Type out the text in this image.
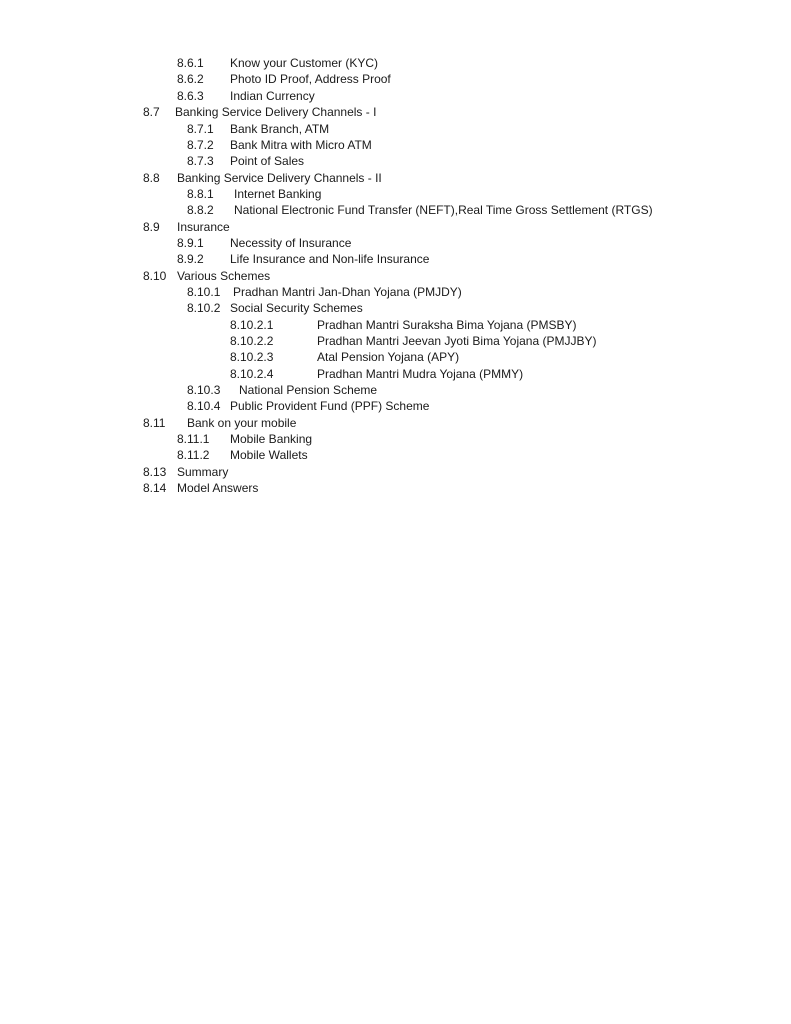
8.6.1 Know your Customer (KYC)
8.6.2 Photo ID Proof, Address Proof
8.6.3 Indian Currency
8.7 Banking Service Delivery Channels - I
8.7.1 Bank Branch, ATM
8.7.2 Bank Mitra with Micro ATM
8.7.3 Point of Sales
8.8 Banking Service Delivery Channels - II
8.8.1 Internet Banking
8.8.2 National Electronic Fund Transfer (NEFT),Real Time Gross Settlement (RTGS)
8.9 Insurance
8.9.1 Necessity of Insurance
8.9.2 Life Insurance and Non-life Insurance
8.10 Various Schemes
8.10.1 Pradhan Mantri Jan-Dhan Yojana (PMJDY)
8.10.2 Social Security Schemes
8.10.2.1	Pradhan Mantri Suraksha Bima Yojana (PMSBY)
8.10.2.2	Pradhan Mantri Jeevan Jyoti Bima Yojana (PMJJBY)
8.10.2.3	Atal Pension Yojana (APY)
8.10.2.4	Pradhan Mantri Mudra Yojana (PMMY)
8.10.3 National Pension Scheme
8.10.4 Public Provident Fund (PPF) Scheme
8.11 Bank on your mobile
8.11.1 Mobile Banking
8.11.2 Mobile Wallets
8.13 Summary
8.14 Model Answers
